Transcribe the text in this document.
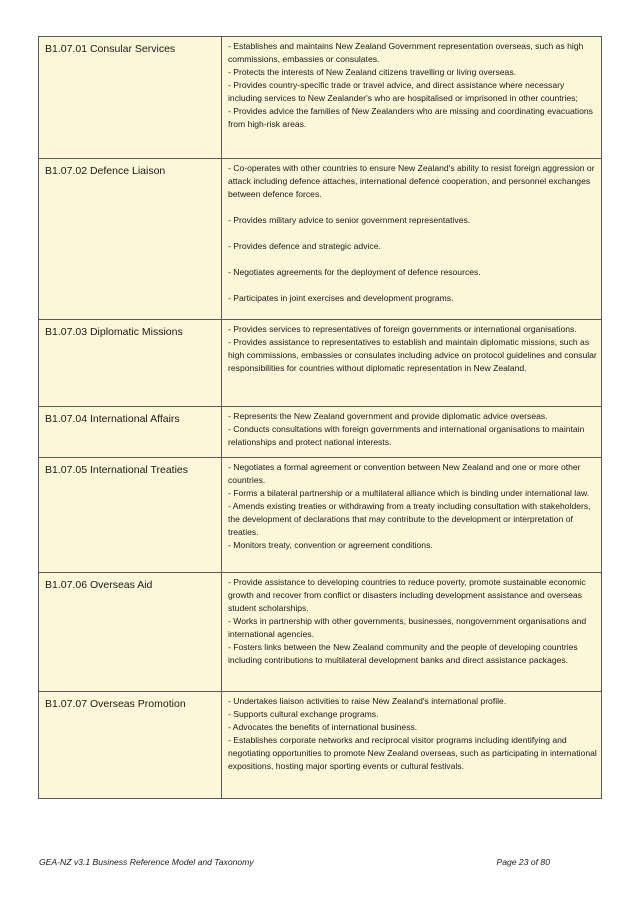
B1.07.01 Consular Services	- Establishes and maintains New Zealand Government representation overseas, such as high commissions, embassies or consulates.
- Protects the interests of New Zealand citizens travelling or living overseas.
- Provides country-specific trade or travel advice, and direct assistance where necessary including services to New Zealander's who are hospitalised or imprisoned in other countries;
- Provides advice the families of New Zealanders who are missing and coordinating evacuations from high-risk areas.

B1.07.02 Defence Liaison	- Co-operates with other countries to ensure New Zealand's ability to resist foreign aggression or attack including defence attaches, international defence cooperation, and personnel exchanges between defence forces.
- Provides military advice to senior government representatives.
- Provides defence and strategic advice.
- Negotiates agreements for the deployment of defence resources.
- Participates in joint exercises and development programs.

B1.07.03 Diplomatic Missions	- Provides services to representatives of foreign governments or international organisations.
- Provides assistance to representatives to establish and maintain diplomatic missions, such as high commissions, embassies or consulates including advice on protocol guidelines and consular responsibilities for countries without diplomatic representation in New Zealand.

B1.07.04 International Affairs	- Represents the New Zealand government and provide diplomatic advice overseas.
- Conducts consultations with foreign governments and international organisations to maintain relationships and protect national interests.

B1.07.05 International Treaties	- Negotiates a formal agreement or convention between New Zealand and one or more other countries.
- Forms a bilateral partnership or a multilateral alliance which is binding under international law.
- Amends existing treaties or withdrawing from a treaty including consultation with stakeholders, the development of declarations that may contribute to the development or interpretation of treaties.
- Monitors treaty, convention or agreement conditions.

B1.07.06 Overseas Aid	- Provide assistance to developing countries to reduce poverty, promote sustainable economic growth and recover from conflict or disasters including development assistance and overseas student scholarships.
- Works in partnership with other governments, businesses, nongovernment organisations and international agencies.
- Fosters links between the New Zealand community and the people of developing countries including contributions to multilateral development banks and direct assistance packages.

B1.07.07 Overseas Promotion	- Undertakes liaison activities to raise New Zealand's international profile.
- Supports cultural exchange programs.
- Advocates the benefits of international business.
- Establishes corporate networks and reciprocal visitor programs including identifying and negotiating opportunities to promote New Zealand overseas, such as participating in international expositions, hosting major sporting events or cultural festivals.
GEA-NZ v3.1 Business Reference Model and Taxonomy	Page 23 of 80
